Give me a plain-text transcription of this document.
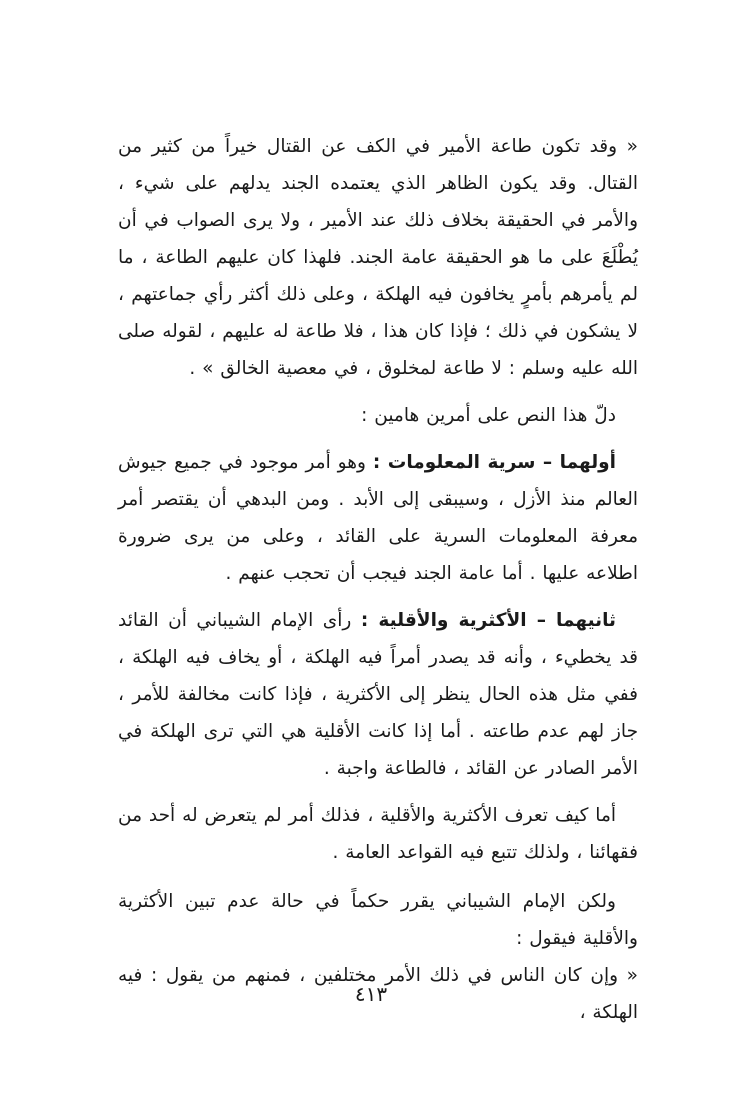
« وقد تكون طاعة الأمير في الكف عن القتال خيراً من كثير من القتال. وقد يكون الظاهر الذي يعتمده الجند يدلهم على شيء ، والأمر في الحقيقة بخلاف ذلك عند الأمير ، ولا يرى الصواب في أن يُطْلَعَ على ما هو الحقيقة عامة الجند. فلهذا كان عليهم الطاعة ، ما لم يأمرهم بأمرٍ يخافون فيه الهلكة ، وعلى ذلك أكثر رأي جماعتهم ، لا يشكون في ذلك ؛ فإذا كان هذا ، فلا طاعة له عليهم ، لقوله صلى الله عليه وسلم : لا طاعة لمخلوق ، في معصية الخالق » .

دلّ هذا النص على أمرين هامين :

أولهما – سرية المعلومات : وهو أمر موجود في جميع جيوش العالم منذ الأزل ، وسيبقى إلى الأبد . ومن البدهي أن يقتصر أمر معرفة المعلومات السرية على القائد ، وعلى من يرى ضرورة اطلاعه عليها . أما عامة الجند فيجب أن تحجب عنهم .

ثانيهما – الأكثرية والأقلية : رأى الإمام الشيباني أن القائد قد يخطيء ، وأنه قد يصدر أمراً فيه الهلكة ، أو يخاف فيه الهلكة ، ففي مثل هذه الحال ينظر إلى الأكثرية ، فإذا كانت مخالفة للأمر ، جاز لهم عدم طاعته . أما إذا كانت الأقلية هي التي ترى الهلكة في الأمر الصادر عن القائد ، فالطاعة واجبة .

أما كيف تعرف الأكثرية والأقلية ، فذلك أمر لم يتعرض له أحد من فقهائنا ، ولذلك تتبع فيه القواعد العامة .

ولكن الإمام الشيباني يقرر حكماً في حالة عدم تبين الأكثرية والأقلية فيقول :

« وإن كان الناس في ذلك الأمر مختلفين ، فمنهم من يقول : فيه الهلكة ،

٤١٣
